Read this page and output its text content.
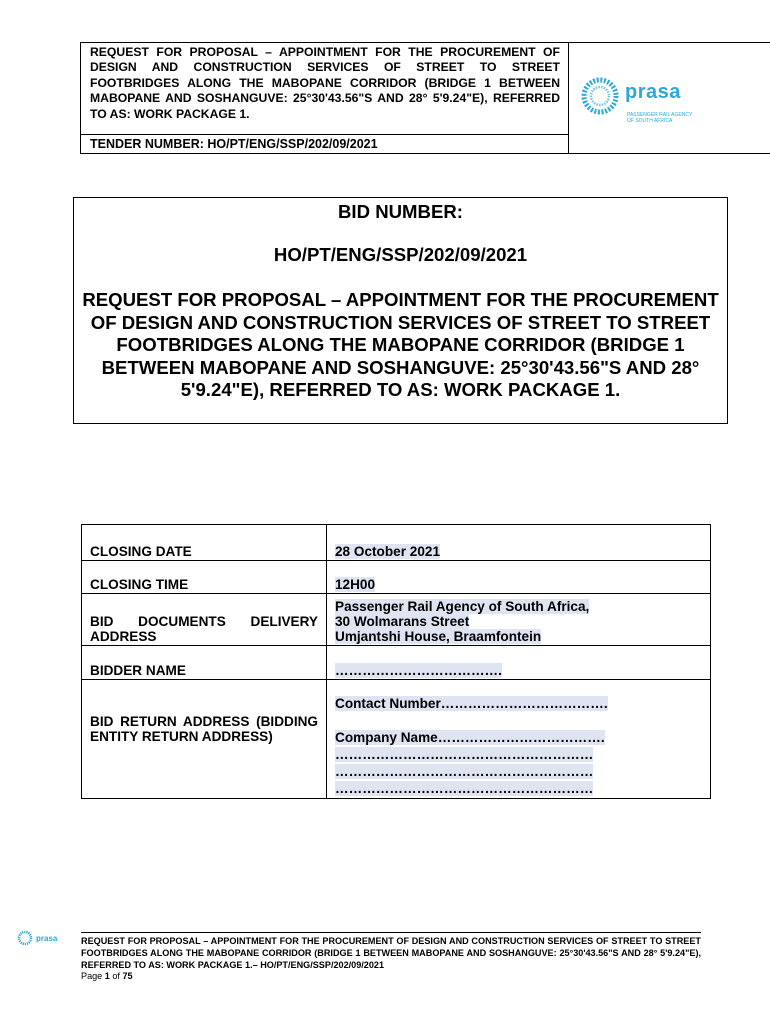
REQUEST FOR PROPOSAL – APPOINTMENT FOR THE PROCUREMENT OF DESIGN AND CONSTRUCTION SERVICES OF STREET TO STREET FOOTBRIDGES ALONG THE MABOPANE CORRIDOR (BRIDGE 1 BETWEEN MABOPANE AND SOSHANGUVE: 25°30'43.56"S AND 28° 5'9.24"E), REFERRED TO AS: WORK PACKAGE 1.
TENDER NUMBER: HO/PT/ENG/SSP/202/09/2021
prasa
PASSENGER RAIL AGENCY OF SOUTH AFRICA
BID NUMBER:
HO/PT/ENG/SSP/202/09/2021
REQUEST FOR PROPOSAL – APPOINTMENT FOR THE PROCUREMENT OF DESIGN AND CONSTRUCTION SERVICES OF STREET TO STREET FOOTBRIDGES ALONG THE MABOPANE CORRIDOR (BRIDGE 1 BETWEEN MABOPANE AND SOSHANGUVE: 25°30'43.56"S AND 28° 5'9.24"E), REFERRED TO AS: WORK PACKAGE 1.
CLOSING DATE	28 October 2021
CLOSING TIME	12H00
BID DOCUMENTS DELIVERY ADDRESS	Passenger Rail Agency of South Africa,
30 Wolmarans Street
Umjantshi House, Braamfontein
BIDDER NAME	……………………………….
BID RETURN ADDRESS (BIDDING ENTITY RETURN ADDRESS)	Contact Number……………………………….

Company Name……………………………….
…………………………………………………
…………………………………………………
…………………………………………………
prasa	REQUEST FOR PROPOSAL – APPOINTMENT FOR THE PROCUREMENT OF DESIGN AND CONSTRUCTION SERVICES OF STREET TO STREET FOOTBRIDGES ALONG THE MABOPANE CORRIDOR (BRIDGE 1 BETWEEN MABOPANE AND SOSHANGUVE: 25°30'43.56"S AND 28° 5'9.24"E), REFERRED TO AS: WORK PACKAGE 1.– HO/PT/ENG/SSP/202/09/2021
Page 1 of 75
